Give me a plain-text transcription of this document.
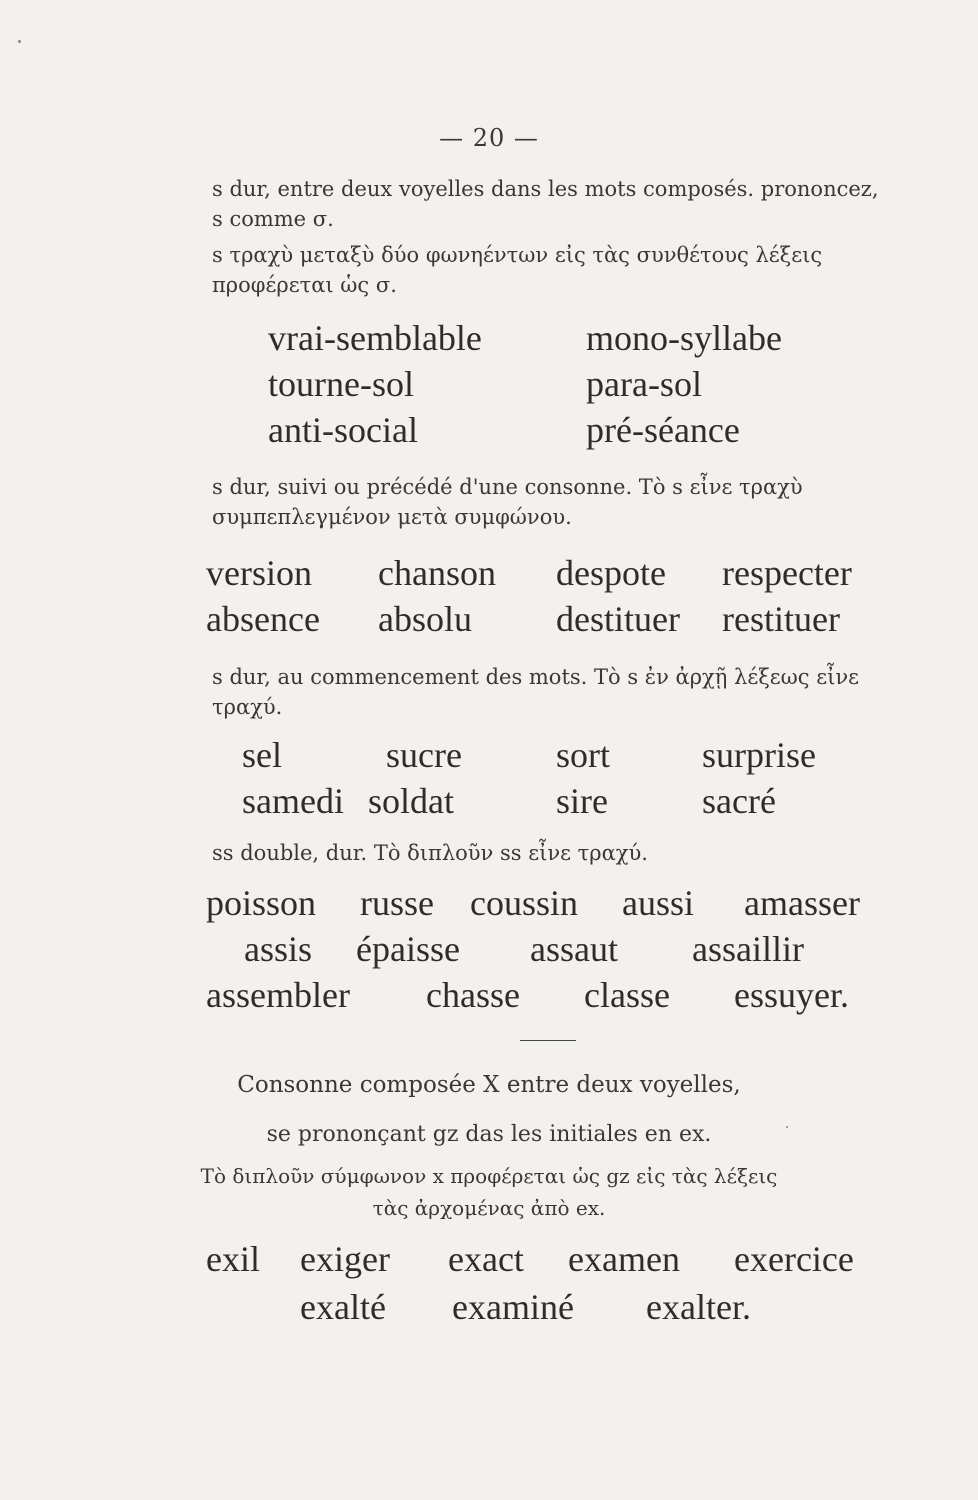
— 20 —
s dur, entre deux voyelles dans les mots composés. prononcez, s comme σ.
s τραχὺ μεταξὺ δύο φωνηέντων εἰς τὰς συνθέτους λέξεις προφέρεται ὡς σ.
vrai-semblable	mono-syllabe
tourne-sol	para-sol
anti-social	pré-séance
s dur, suivi ou précédé d'une consonne. Τὸ s εἶνε τραχὺ συμπεπλεγμένον μετὰ συμφώνου.
version chanson despote respecter
absence absolu destituer restituer
s dur, au commencement des mots. Τὸ s ἐν ἀρχῇ λέξεως εἶνε τραχύ.
sel	sucre	sort	surprise
samedi soldat	sire	sacré
ss double, dur. Τὸ διπλοῦν ss εἶνε τραχύ.
poisson russe coussin aussi amasser
assis épaisse assaut assaillir
assembler chasse classe essuyer.
Consonne composée X entre deux voyelles,
se prononçant gz das les initiales en ex.
Τὸ διπλοῦν σύμφωνον x προφέρεται ὡς gz εἰς τὰς λέξεις
τὰς ἀρχομένας ἀπὸ ex.
exil exiger exact examen exercice
exalté examiné exalter.
